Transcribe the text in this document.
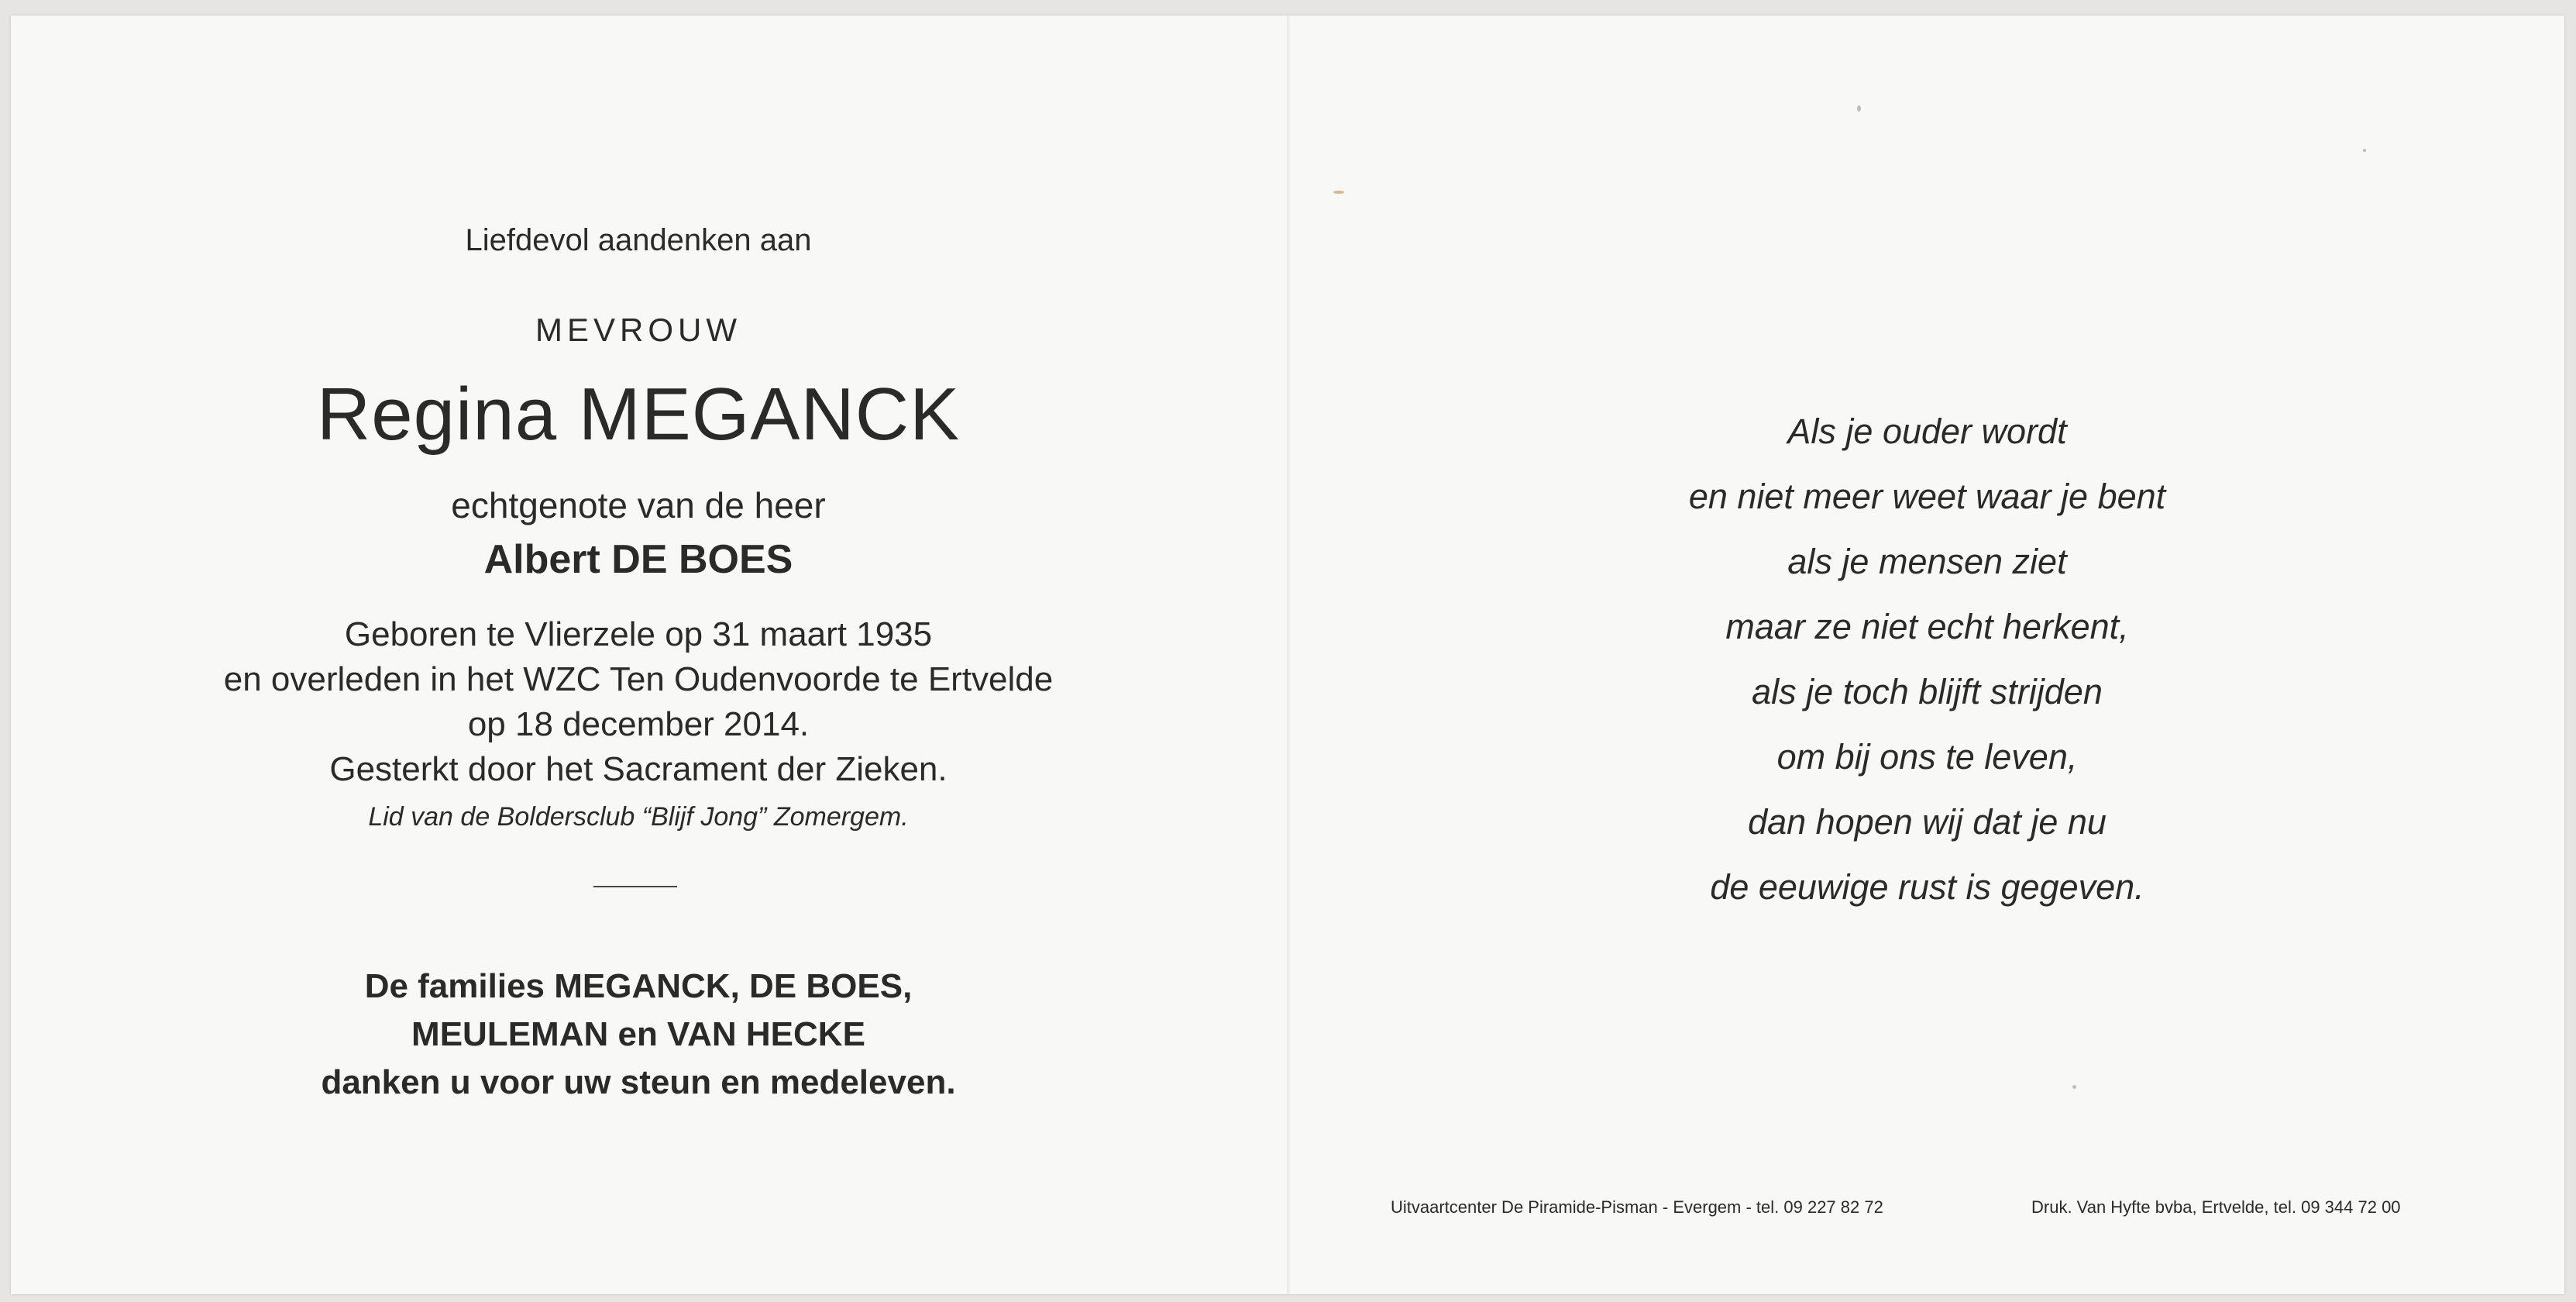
Liefdevol aandenken aan
MEVROUW
Regina MEGANCK
echtgenote van de heer
Albert DE BOES
Geboren te Vlierzele op 31 maart 1935
en overleden in het WZC Ten Oudenvoorde te Ertvelde
op 18 december 2014.
Gesterkt door het Sacrament der Zieken.
Lid van de Boldersclub “Blijf Jong” Zomergem.
De families MEGANCK, DE BOES,
MEULEMAN en VAN HECKE
danken u voor uw steun en medeleven.
Als je ouder wordt
en niet meer weet waar je bent
als je mensen ziet
maar ze niet echt herkent,
als je toch blijft strijden
om bij ons te leven,
dan hopen wij dat je nu
de eeuwige rust is gegeven.
Uitvaartcenter De Piramide-Pisman - Evergem - tel. 09 227 82 72	Druk. Van Hyfte bvba, Ertvelde, tel. 09 344 72 00
